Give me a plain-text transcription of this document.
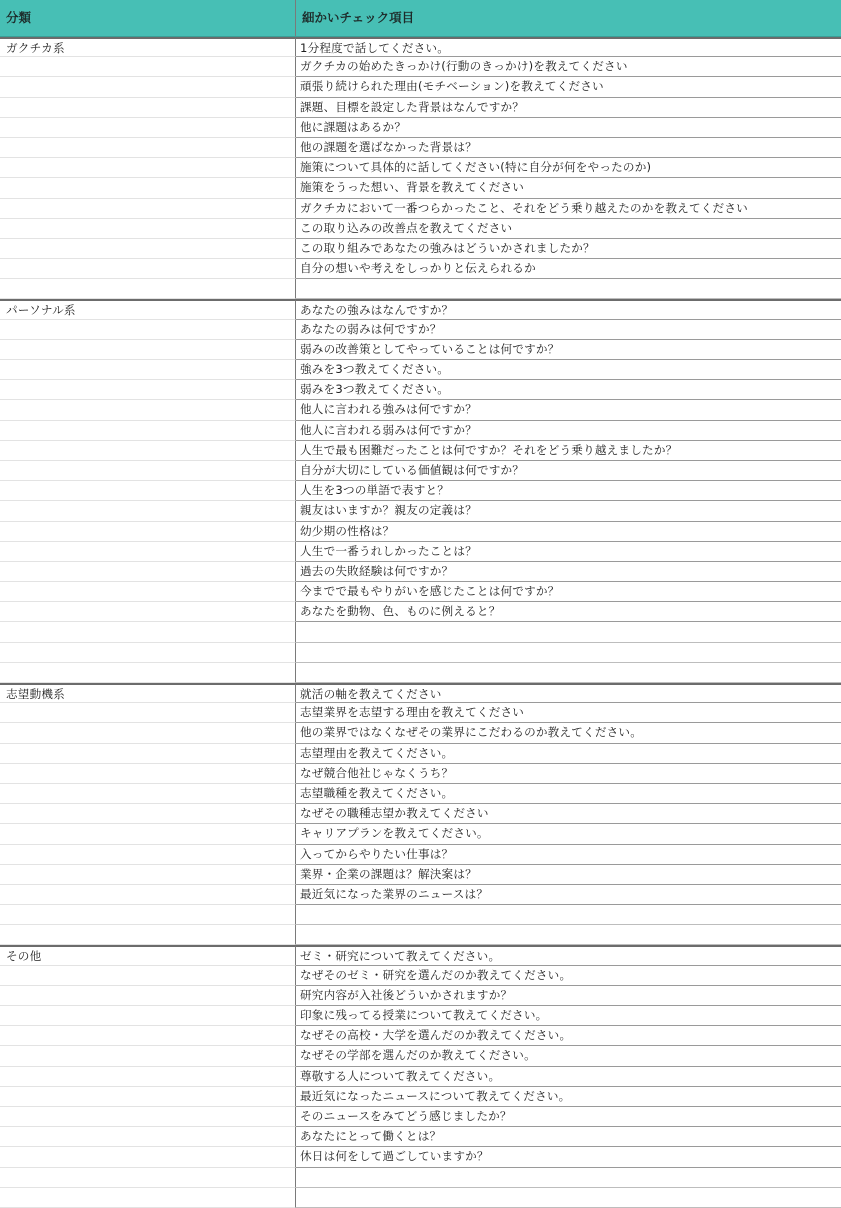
分類	細かいチェック項目
ガクチカ系	1分程度で話してください。
ガクチカの始めたきっかけ(行動のきっかけ)を教えてください
頑張り続けられた理由(モチベーション)を教えてください
課題、目標を設定した背景はなんですか？
他に課題はあるか？
他の課題を選ばなかった背景は？
施策について具体的に話してください(特に自分が何をやったのか)
施策をうった想い、背景を教えてください
ガクチカにおいて一番つらかったこと、それをどう乗り越えたのかを教えてください
この取り込みの改善点を教えてください
この取り組みであなたの強みはどういかされましたか？
自分の想いや考えをしっかりと伝えられるか
パーソナル系	あなたの強みはなんですか？
あなたの弱みは何ですか？
弱みの改善策としてやっていることは何ですか？
強みを3つ教えてください。
弱みを3つ教えてください。
他人に言われる強みは何ですか？
他人に言われる弱みは何ですか？
人生で最も困難だったことは何ですか？それをどう乗り越えましたか？
自分が大切にしている価値観は何ですか？
人生を3つの単語で表すと？
親友はいますか？親友の定義は？
幼少期の性格は？
人生で一番うれしかったことは？
過去の失敗経験は何ですか？
今までで最もやりがいを感じたことは何ですか？
あなたを動物、色、ものに例えると？
志望動機系	就活の軸を教えてください
志望業界を志望する理由を教えてください
他の業界ではなくなぜその業界にこだわるのか教えてください。
志望理由を教えてください。
なぜ競合他社じゃなくうち？
志望職種を教えてください。
なぜその職種志望か教えてください
キャリアプランを教えてください。
入ってからやりたい仕事は？
業界・企業の課題は？解決案は？
最近気になった業界のニュースは？
その他	ゼミ・研究について教えてください。
なぜそのゼミ・研究を選んだのか教えてください。
研究内容が入社後どういかされますか？
印象に残ってる授業について教えてください。
なぜその高校・大学を選んだのか教えてください。
なぜその学部を選んだのか教えてください。
尊敬する人について教えてください。
最近気になったニュースについて教えてください。
そのニュースをみてどう感じましたか？
あなたにとって働くとは？
休日は何をして過ごしていますか？
